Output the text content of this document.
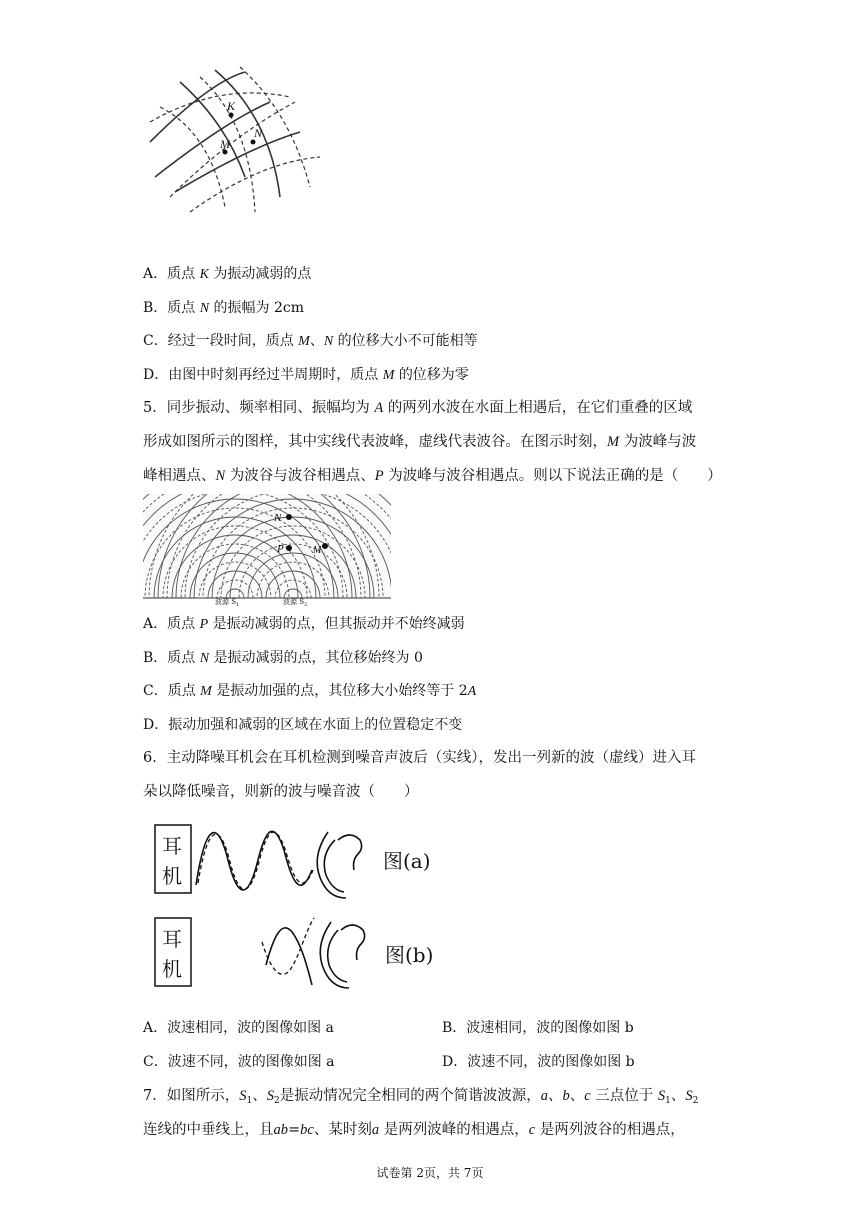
K
M
N
A．质点 K 为振动减弱的点
B．质点 N 的振幅为 2cm
C．经过一段时间，质点 M、N 的位移大小不可能相等
D．由图中时刻再经过半周期时，质点 M 的位移为零
5．同步振动、频率相同、振幅均为 A 的两列水波在水面上相遇后，在它们重叠的区域
形成如图所示的图样，其中实线代表波峰，虚线代表波谷。在图示时刻，M 为波峰与波
峰相遇点、N 为波谷与波谷相遇点、P 为波峰与波谷相遇点。则以下说法正确的是（　　）
N
P	M
波源 $S_1$	波源 $S_2$
A．质点 P 是振动减弱的点，但其振动并不始终减弱
B．质点 N 是振动减弱的点，其位移始终为 0
C．质点 M 是振动加强的点，其位移大小始终等于 2A
D．振动加强和减弱的区域在水面上的位置稳定不变
6．主动降噪耳机会在耳机检测到噪音声波后（实线），发出一列新的波（虚线）进入耳
朵以降低噪音，则新的波与噪音波（　　）
耳
机
图(a)
耳
机
图(b)
A．波速相同，波的图像如图 a	B．波速相同，波的图像如图 b
C．波速不同，波的图像如图 a	D．波速不同，波的图像如图 b
7．如图所示，$S_1$、$S_2$是振动情况完全相同的两个简谐波波源，a、b、c 三点位于 $S_1$、$S_2$
连线的中垂线上，且ab=bc、某时刻a 是两列波峰的相遇点，c 是两列波谷的相遇点，
试卷第 2页，共 7页
